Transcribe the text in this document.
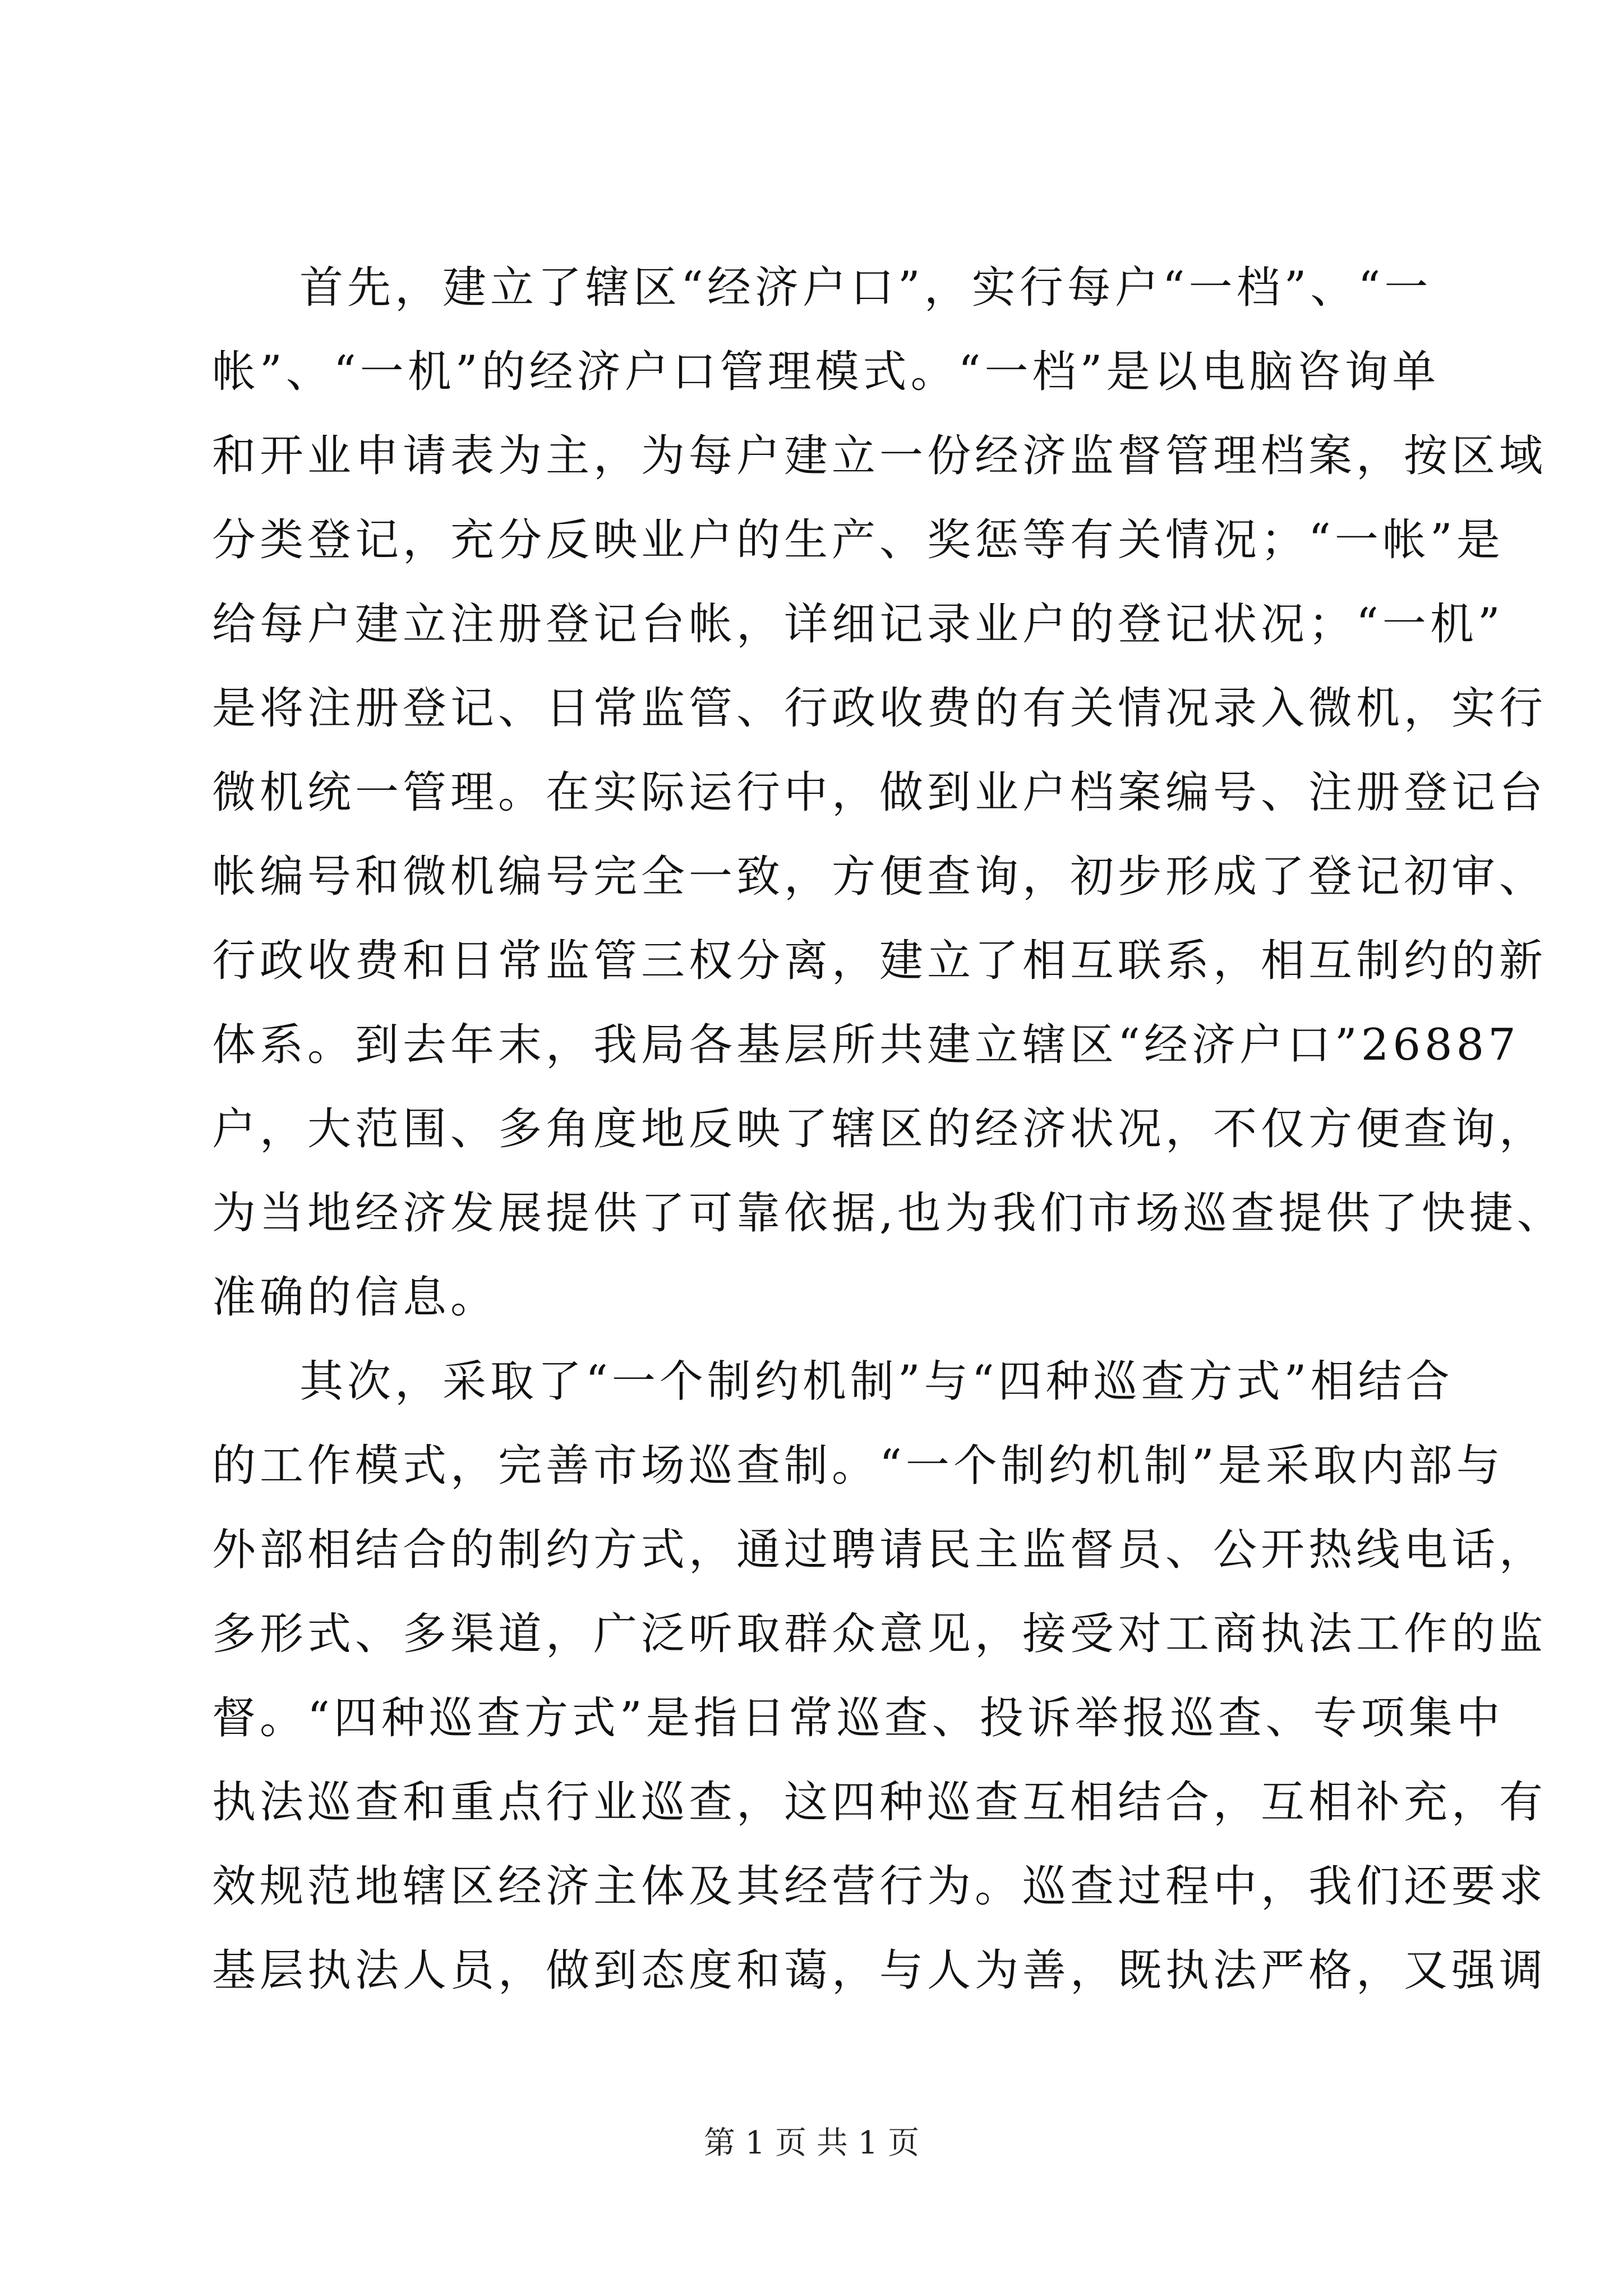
首先，建立了辖区“经济户口”，实行每户“一档”、“一
帐”、“一机”的经济户口管理模式。“一档”是以电脑咨询单
和开业申请表为主，为每户建立一份经济监督管理档案，按区域
分类登记，充分反映业户的生产、奖惩等有关情况；“一帐”是
给每户建立注册登记台帐，详细记录业户的登记状况；“一机”
是将注册登记、日常监管、行政收费的有关情况录入微机，实行
微机统一管理。在实际运行中，做到业户档案编号、注册登记台
帐编号和微机编号完全一致，方便查询，初步形成了登记初审、
行政收费和日常监管三权分离，建立了相互联系，相互制约的新
体系。到去年末，我局各基层所共建立辖区“经济户口”26887
户，大范围、多角度地反映了辖区的经济状况，不仅方便查询，
为当地经济发展提供了可靠依据,也为我们市场巡查提供了快捷、
准确的信息。
其次，采取了“一个制约机制”与“四种巡查方式”相结合
的工作模式，完善市场巡查制。“一个制约机制”是采取内部与
外部相结合的制约方式，通过聘请民主监督员、公开热线电话，
多形式、多渠道，广泛听取群众意见，接受对工商执法工作的监
督。“四种巡查方式”是指日常巡查、投诉举报巡查、专项集中
执法巡查和重点行业巡查，这四种巡查互相结合，互相补充，有
效规范地辖区经济主体及其经营行为。巡查过程中，我们还要求
基层执法人员，做到态度和蔼，与人为善，既执法严格，又强调
第 1 页 共 1 页
